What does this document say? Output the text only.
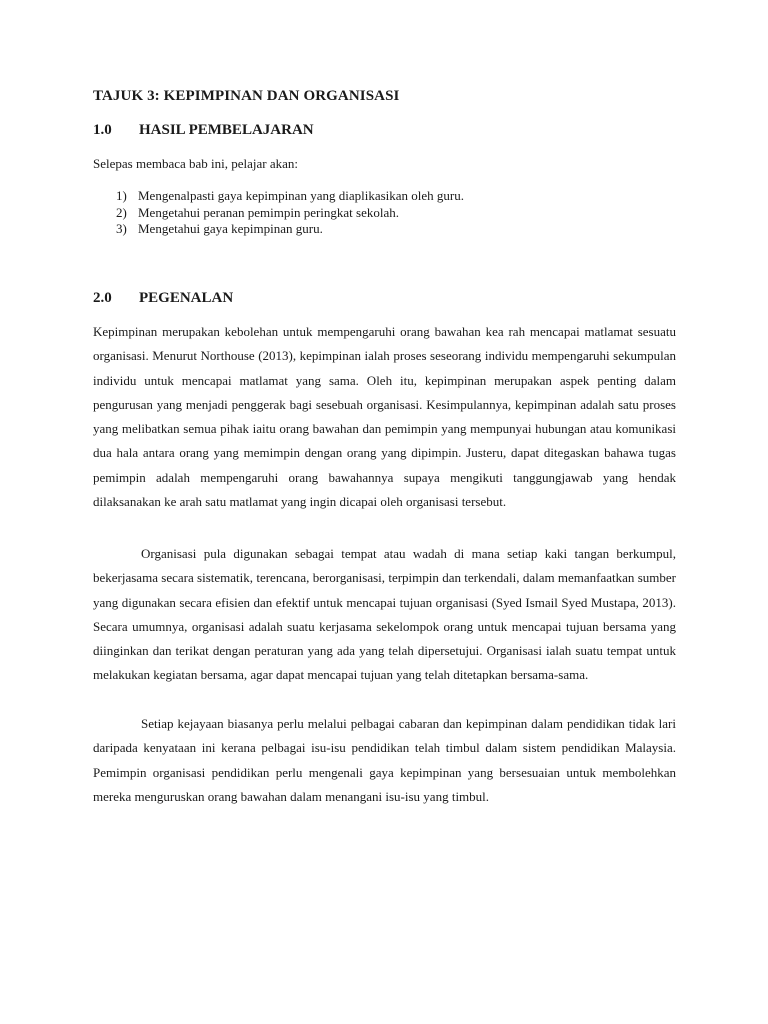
TAJUK 3: KEPIMPINAN DAN ORGANISASI
1.0 HASIL PEMBELAJARAN
Selepas membaca bab ini, pelajar akan:
1) Mengenalpasti gaya kepimpinan yang diaplikasikan oleh guru.
2) Mengetahui peranan pemimpin peringkat sekolah.
3) Mengetahui gaya kepimpinan guru.
2.0 PEGENALAN

Kepimpinan merupakan kebolehan untuk mempengaruhi orang bawahan kea rah mencapai matlamat sesuatu organisasi. Menurut Northouse (2013), kepimpinan ialah proses seseorang individu mempengaruhi sekumpulan individu untuk mencapai matlamat yang sama. Oleh itu, kepimpinan merupakan aspek penting dalam pengurusan yang menjadi penggerak bagi sesebuah organisasi. Kesimpulannya, kepimpinan adalah satu proses yang melibatkan semua pihak iaitu orang bawahan dan pemimpin yang mempunyai hubungan atau komunikasi dua hala antara orang yang memimpin dengan orang yang dipimpin. Justeru, dapat ditegaskan bahawa tugas pemimpin adalah mempengaruhi orang bawahannya supaya mengikuti tanggungjawab yang hendak dilaksanakan ke arah satu matlamat yang ingin dicapai oleh organisasi tersebut.

Organisasi pula digunakan sebagai tempat atau wadah di mana setiap kaki tangan berkumpul, bekerjasama secara sistematik, terencana, berorganisasi, terpimpin dan terkendali, dalam memanfaatkan sumber yang digunakan secara efisien dan efektif untuk mencapai tujuan organisasi (Syed Ismail Syed Mustapa, 2013). Secara umumnya, organisasi adalah suatu kerjasama sekelompok orang untuk mencapai tujuan bersama yang diinginkan dan terikat dengan peraturan yang ada yang telah dipersetujui. Organisasi ialah suatu tempat untuk melakukan kegiatan bersama, agar dapat mencapai tujuan yang telah ditetapkan bersama-sama.

Setiap kejayaan biasanya perlu melalui pelbagai cabaran dan kepimpinan dalam pendidikan tidak lari daripada kenyataan ini kerana pelbagai isu-isu pendidikan telah timbul dalam sistem pendidikan Malaysia. Pemimpin organisasi pendidikan perlu mengenali gaya kepimpinan yang bersesuaian untuk membolehkan mereka menguruskan orang bawahan dalam menangani isu-isu yang timbul.
